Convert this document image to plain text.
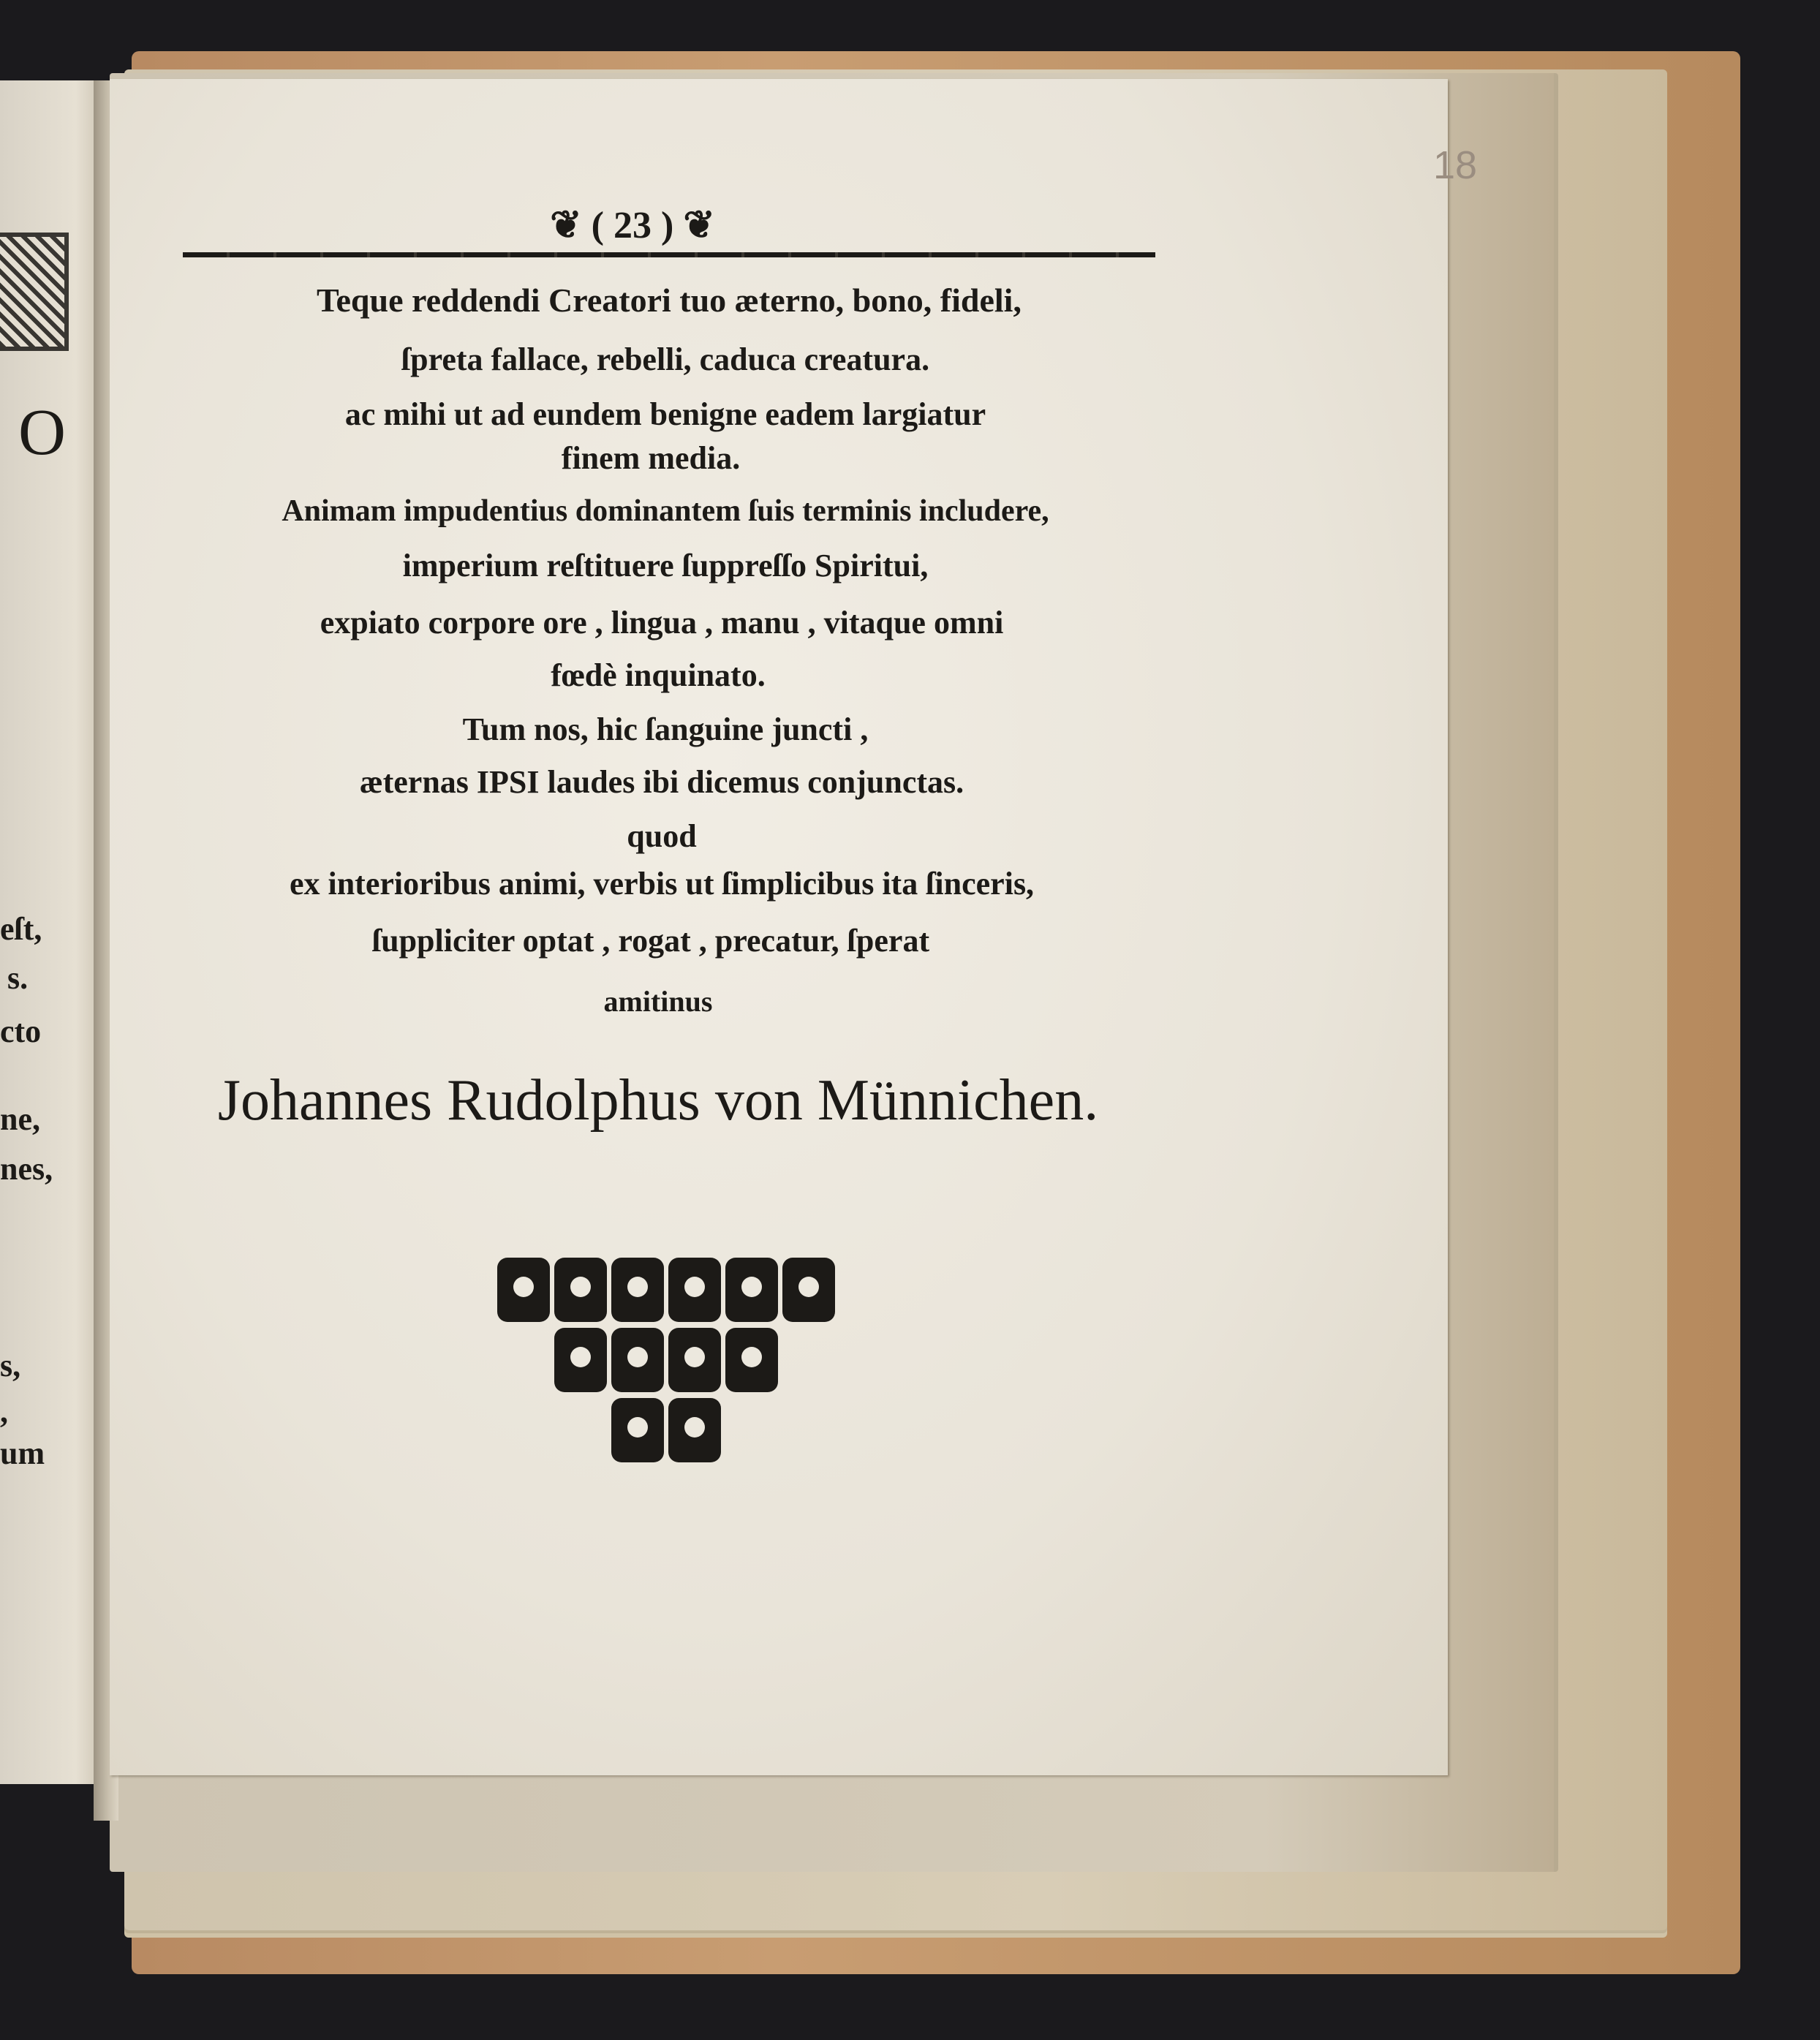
O
eſt,
s.
cto
ne,
nes,
s,
,
um
18
❦ ( 23 ) ❦
Teque reddendi Creatori tuo æterno, bono, fideli,
ſpreta fallace, rebelli, caduca creatura.
ac mihi ut ad eundem benigne eadem largiatur
finem media.
Animam impudentius dominantem ſuis terminis includere,
imperium reſtituere ſuppreſſo Spiritui,
expiato corpore ore , lingua , manu , vitaque omni
fœdè inquinato.
Tum nos, hic ſanguine juncti ,
æternas IPSI laudes ibi dicemus conjunctas.
quod
ex interioribus animi, verbis ut ſimplicibus ita ſinceris,
ſuppliciter optat , rogat , precatur, ſperat
amitinus
Johannes Rudolphus von Münnichen.
